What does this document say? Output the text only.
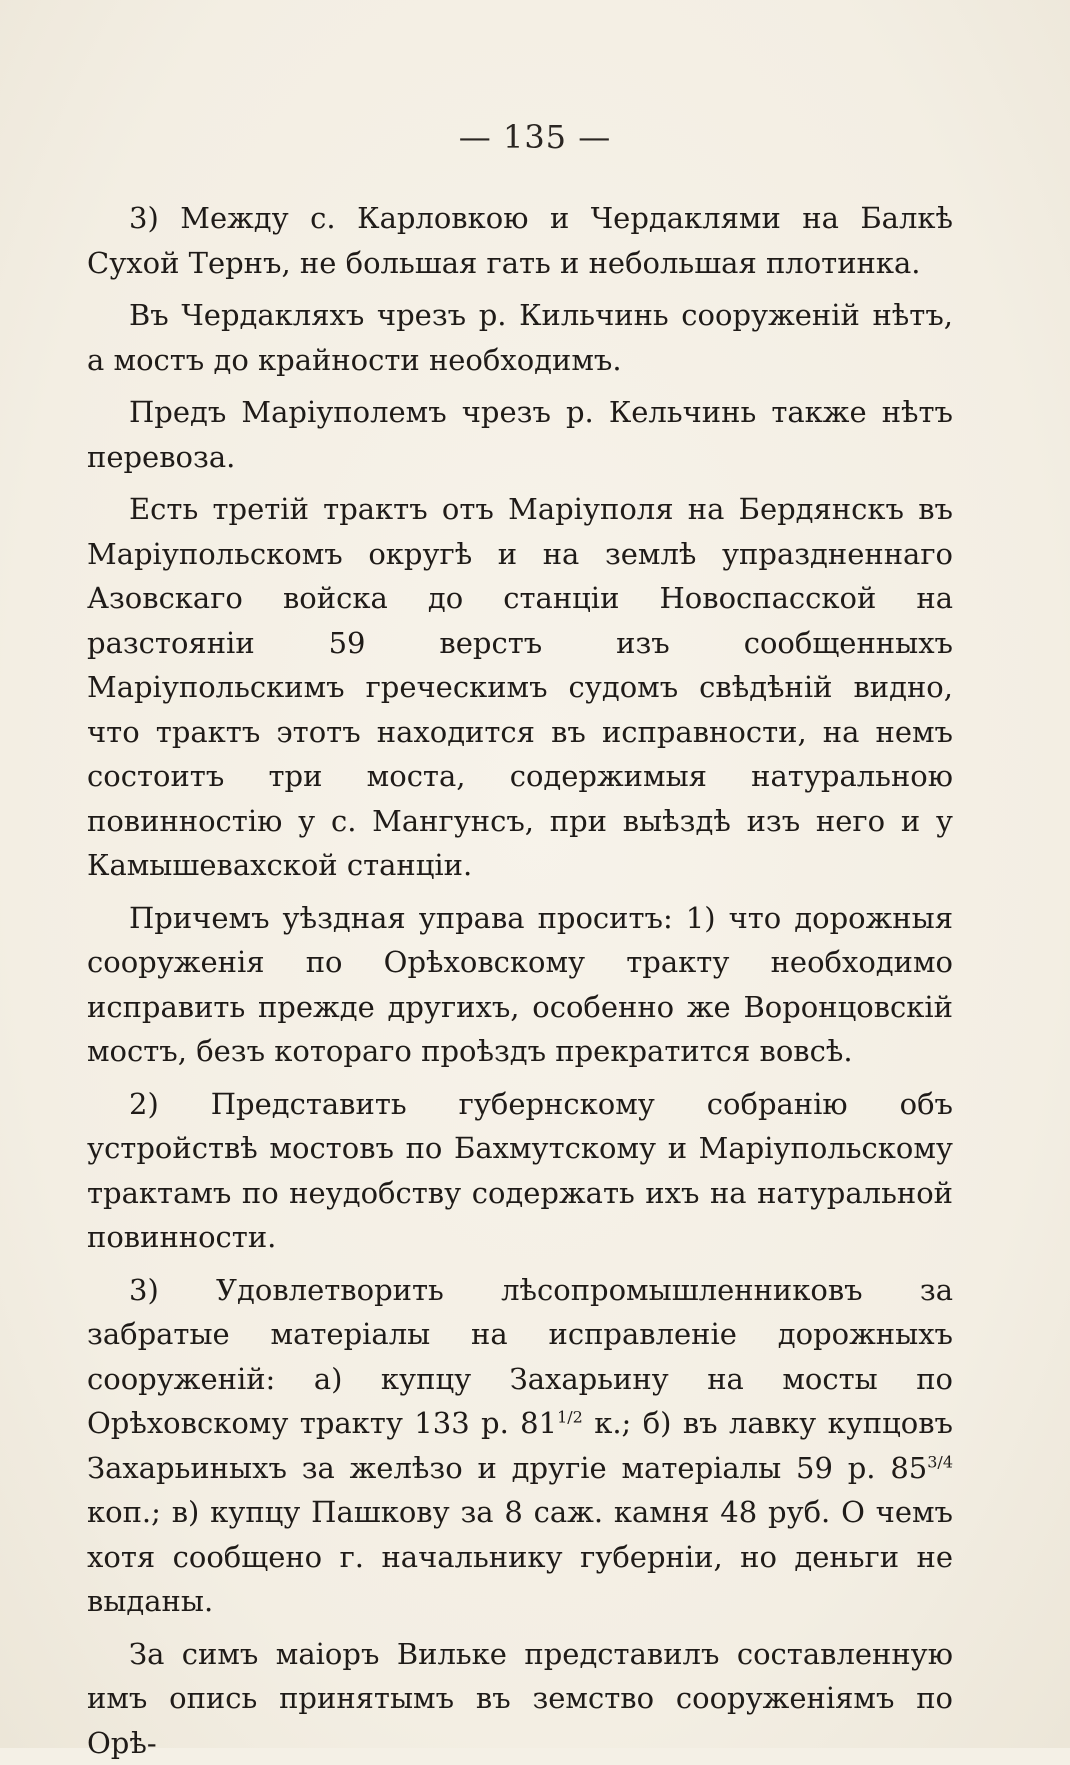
— 135 —

3) Между с. Карловкою и Чердаклями на Балкѣ Сухой Тернъ, не большая гать и небольшая плотинка.

Въ Чердакляхъ чрезъ р. Кильчинь сооруженій нѣтъ, а мостъ до крайности необходимъ.

Предъ Маріуполемъ чрезъ р. Кельчинь также нѣтъ перевоза.

Есть третій трактъ отъ Маріуполя на Бердянскъ въ Маріупольскомъ округѣ и на землѣ упраздненнаго Азовскаго войска до станціи Новоспасской на разстояніи 59 верстъ изъ сообщенныхъ Маріупольскимъ греческимъ судомъ свѣдѣній видно, что трактъ этотъ находится въ исправности, на немъ состоитъ три моста, содержимыя натуральною повинностію у с. Мангунсъ, при выѣздѣ изъ него и у Камышевахской станціи.

Причемъ уѣздная управа проситъ: 1) что дорожныя сооруженія по Орѣховскому тракту необходимо исправить прежде другихъ, особенно же Воронцовскій мостъ, безъ котораго проѣздъ прекратится вовсѣ.

2) Представить губернскому собранію объ устройствѣ мостовъ по Бахмутскому и Маріупольскому трактамъ по неудобству содержать ихъ на натуральной повинности.

3) Удовлетворить лѣсопромышленниковъ за забратые матеріалы на исправленіе дорожныхъ сооруженій: а) купцу Захарьину на мосты по Орѣховскому тракту 133 р. $81^{1/2}$ к.; б) въ лавку купцовъ Захарьиныхъ за желѣзо и другіе матеріалы 59 р. $85^{3/4}$ коп.; в) купцу Пашкову за 8 саж. камня 48 руб. О чемъ хотя сообщено г. начальнику губерніи, но деньги не выданы.

За симъ маіоръ Вильке представилъ составленную имъ опись принятымъ въ земство сооруженіямъ по Орѣ-
